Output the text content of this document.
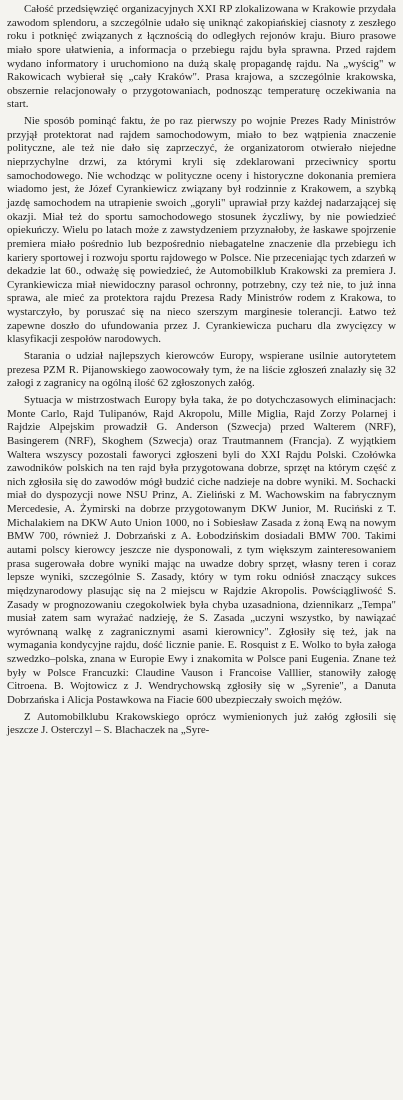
Całość przedsięwzięć organizacyjnych XXI RP zlokalizowana w Krakowie przydała zawodom splendoru, a szczególnie udało się uniknąć zakopiańskiej ciasnoty z zeszłego roku i potknięć związanych z łącznością do odległych rejonów kraju. Biuro prasowe miało spore ułatwienia, a informacja o przebiegu rajdu była sprawna. Przed rajdem wydano informatory i uruchomiono na dużą skalę propagandę rajdu. Na „wyścig" w Rakowicach wybierał się „cały Kraków". Prasa krajowa, a szczególnie krakowska, obszernie relacjonowały o przygotowaniach, podnosząc temperaturę oczekiwania na start.

Nie sposób pominąć faktu, że po raz pierwszy po wojnie Prezes Rady Ministrów przyjął protektorat nad rajdem samochodowym, miało to bez wątpienia znaczenie polityczne, ale też nie dało się zaprzeczyć, że organizatorom otwierało niejedne nieprzychylne drzwi, za którymi kryli się zdeklarowani przeciwnicy sportu samochodowego. Nie wchodząc w polityczne oceny i historyczne dokonania premiera wiadomo jest, że Józef Cyrankiewicz związany był rodzinnie z Krakowem, a szybką jazdę samochodem na utrapienie swoich „goryli" uprawiał przy każdej nadarzającej się okazji. Miał też do sportu samochodowego stosunek życzliwy, by nie powiedzieć opiekuńczy. Wielu po latach może z zawstydzeniem przyznałoby, że łaskawe spojrzenie premiera miało pośrednio lub bezpośrednio niebagatelne znaczenie dla przebiegu ich kariery sportowej i rozwoju sportu rajdowego w Polsce. Nie przeceniając tych zdarzeń w dekadzie lat 60., odważę się powiedzieć, że Automobilklub Krakowski za premiera J. Cyrankiewicza miał niewidoczny parasol ochronny, potrzebny, czy też nie, to już inna sprawa, ale mieć za protektora rajdu Prezesa Rady Ministrów rodem z Krakowa, to wystarczyło, by poruszać się na nieco szerszym marginesie tolerancji. Łatwo też zapewne doszło do ufundowania przez J. Cyrankiewicza pucharu dla zwycięzcy w klasyfikacji zespołów narodowych.

Starania o udział najlepszych kierowców Europy, wspierane usilnie autorytetem prezesa PZM R. Pijanowskiego zaowocowały tym, że na liście zgłoszeń znalazły się 32 załogi z zagranicy na ogólną ilość 62 zgłoszonych załóg.

Sytuacja w mistrzostwach Europy była taka, że po dotychczasowych eliminacjach: Monte Carlo, Rajd Tulipanów, Rajd Akropolu, Mille Miglia, Rajd Zorzy Polarnej i Rajdzie Alpejskim prowadził G. Anderson (Szwecja) przed Walterem (NRF), Basingerem (NRF), Skoghem (Szwecja) oraz Trautmannem (Francja). Z wyjątkiem Waltera wszyscy pozostali faworyci zgłoszeni byli do XXI Rajdu Polski. Czołówka zawodników polskich na ten rajd była przygotowana dobrze, sprzęt na którym część z nich zgłosiła się do zawodów mógł budzić ciche nadzieje na dobre wyniki. M. Sochacki miał do dyspozycji nowe NSU Prinz, A. Zieliński z M. Wachowskim na fabrycznym Mercedesie, A. Żymirski na dobrze przygotowanym DKW Junior, M. Ruciński z T. Michalakiem na DKW Auto Union 1000, no i Sobiesław Zasada z żoną Ewą na nowym BMW 700, również J. Dobrzański z A. Łobodzińskim dosiadali BMW 700. Takimi autami polscy kierowcy jeszcze nie dysponowali, z tym większym zainteresowaniem prasa sugerowała dobre wyniki mając na uwadze dobry sprzęt, własny teren i coraz lepsze wyniki, szczególnie S. Zasady, który w tym roku odniósł znaczący sukces międzynarodowy plasując się na 2 miejscu w Rajdzie Akropolis. Powściągliwość S. Zasady w prognozowaniu czegokolwiek była chyba uzasadniona, dziennikarz „Tempa" musiał zatem sam wyrażać nadzieję, że S. Zasada „uczyni wszystko, by nawiązać wyrównaną walkę z zagranicznymi asami kierownicy". Zgłosiły się też, jak na wymagania kondycyjne rajdu, dość licznie panie. E. Rosquist z E. Wolko to była załoga szwedzko–polska, znana w Europie Ewy i znakomita w Polsce pani Eugenia. Znane też były w Polsce Francuzki: Claudine Vauson i Francoise Valllier, stanowiły załogę Citroena. B. Wojtowicz z J. Wendrychowską zgłosiły się w „Syrenie", a Danuta Dobrzańska i Alicja Postawkowa na Fiacie 600 ubezpieczały swoich mężów.

Z Automobilklubu Krakowskiego oprócz wymienionych już załóg zgłosili się jeszcze J. Osterczyl – S. Blachaczek na „Syre-
